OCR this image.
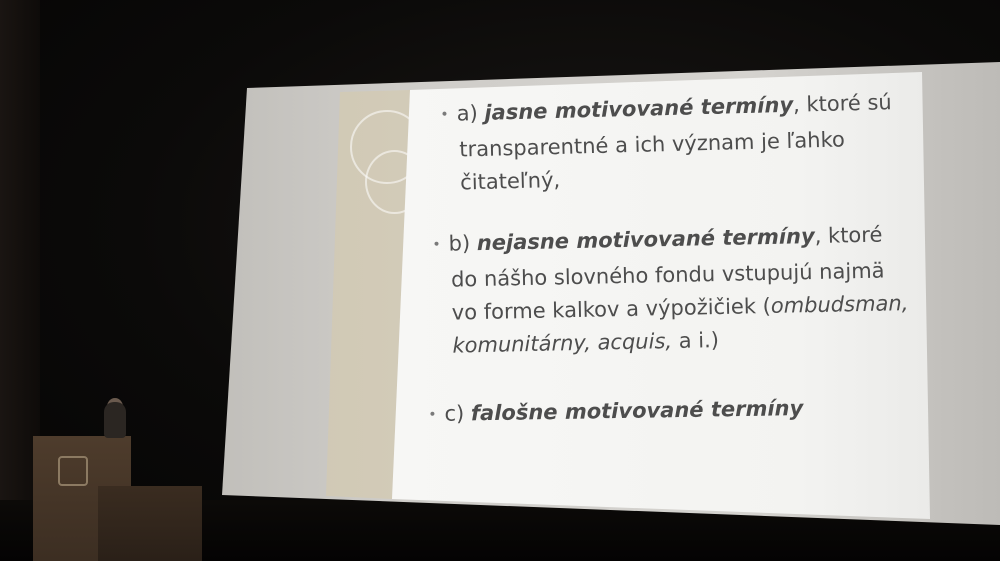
• a) jasne motivované termíny, ktoré sú
transparentné a ich význam je ľahko
čitateľný,
• b) nejasne motivované termíny, ktoré
do nášho slovného fondu vstupujú najmä
vo forme kalkov a výpožičiek (ombudsman,
komunitárny, acquis, a i.)
• c) falošne motivované termíny
